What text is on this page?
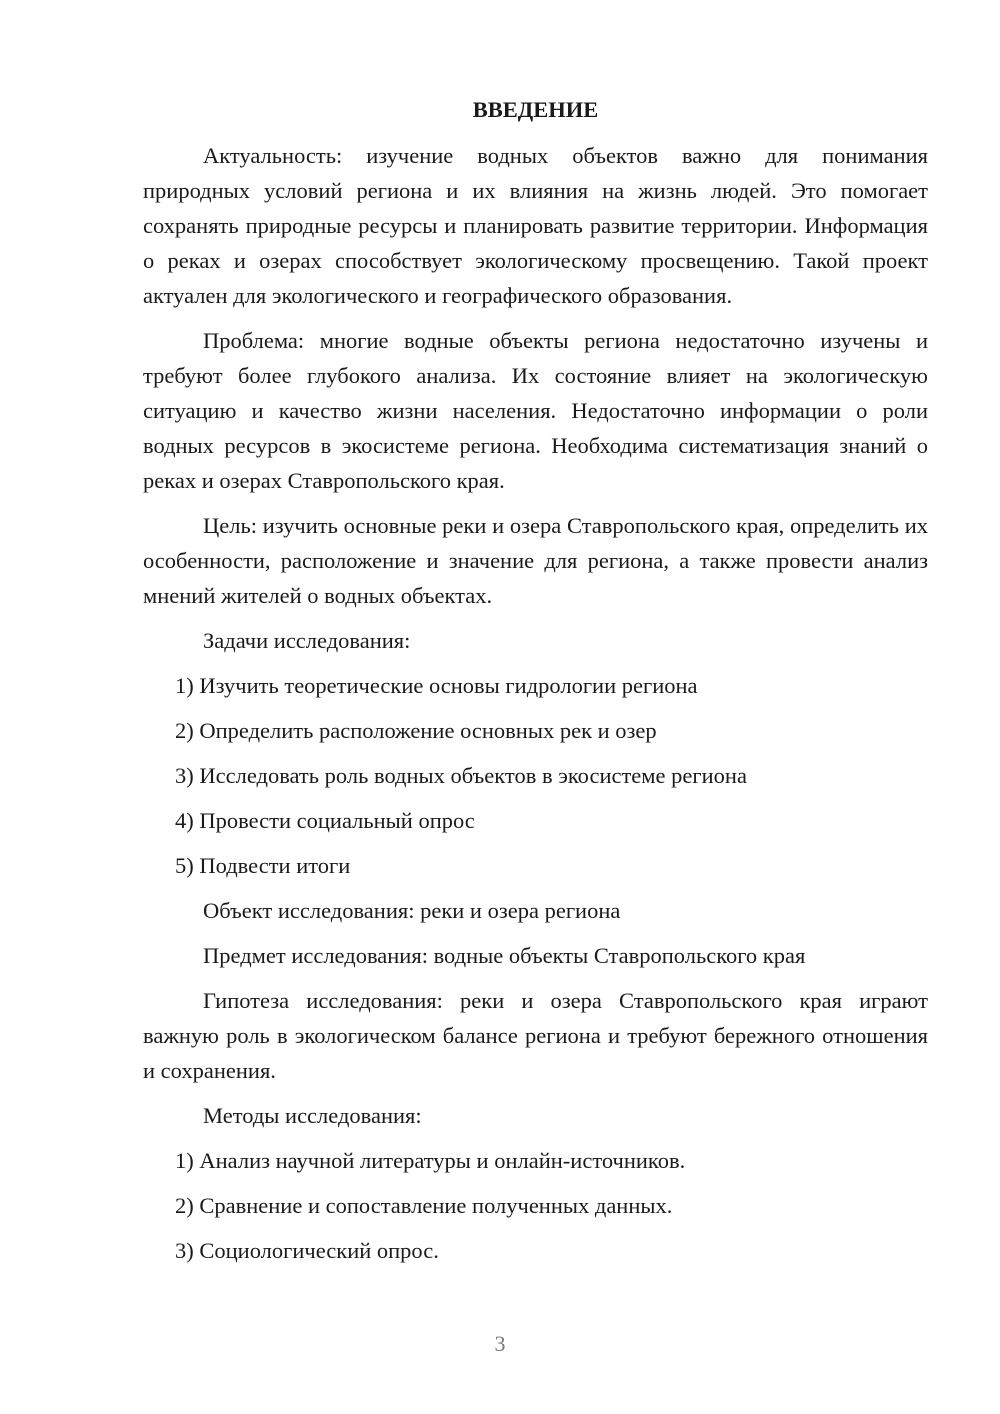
ВВЕДЕНИЕ
Актуальность: изучение водных объектов важно для понимания природных условий региона и их влияния на жизнь людей. Это помогает сохранять природные ресурсы и планировать развитие территории. Информация о реках и озерах способствует экологическому просвещению. Такой проект актуален для экологического и географического образования.
Проблема: многие водные объекты региона недостаточно изучены и требуют более глубокого анализа. Их состояние влияет на экологическую ситуацию и качество жизни населения. Недостаточно информации о роли водных ресурсов в экосистеме региона. Необходима систематизация знаний о реках и озерах Ставропольского края.
Цель: изучить основные реки и озера Ставропольского края, определить их особенности, расположение и значение для региона, а также провести анализ мнений жителей о водных объектах.
Задачи исследования:
1) Изучить теоретические основы гидрологии региона
2) Определить расположение основных рек и озер
3) Исследовать роль водных объектов в экосистеме региона
4) Провести социальный опрос
5) Подвести итоги
Объект исследования: реки и озера региона
Предмет исследования: водные объекты Ставропольского края
Гипотеза исследования: реки и озера Ставропольского края играют важную роль в экологическом балансе региона и требуют бережного отношения и сохранения.
Методы исследования:
1) Анализ научной литературы и онлайн-источников.
2) Сравнение и сопоставление полученных данных.
3) Социологический опрос.
3
